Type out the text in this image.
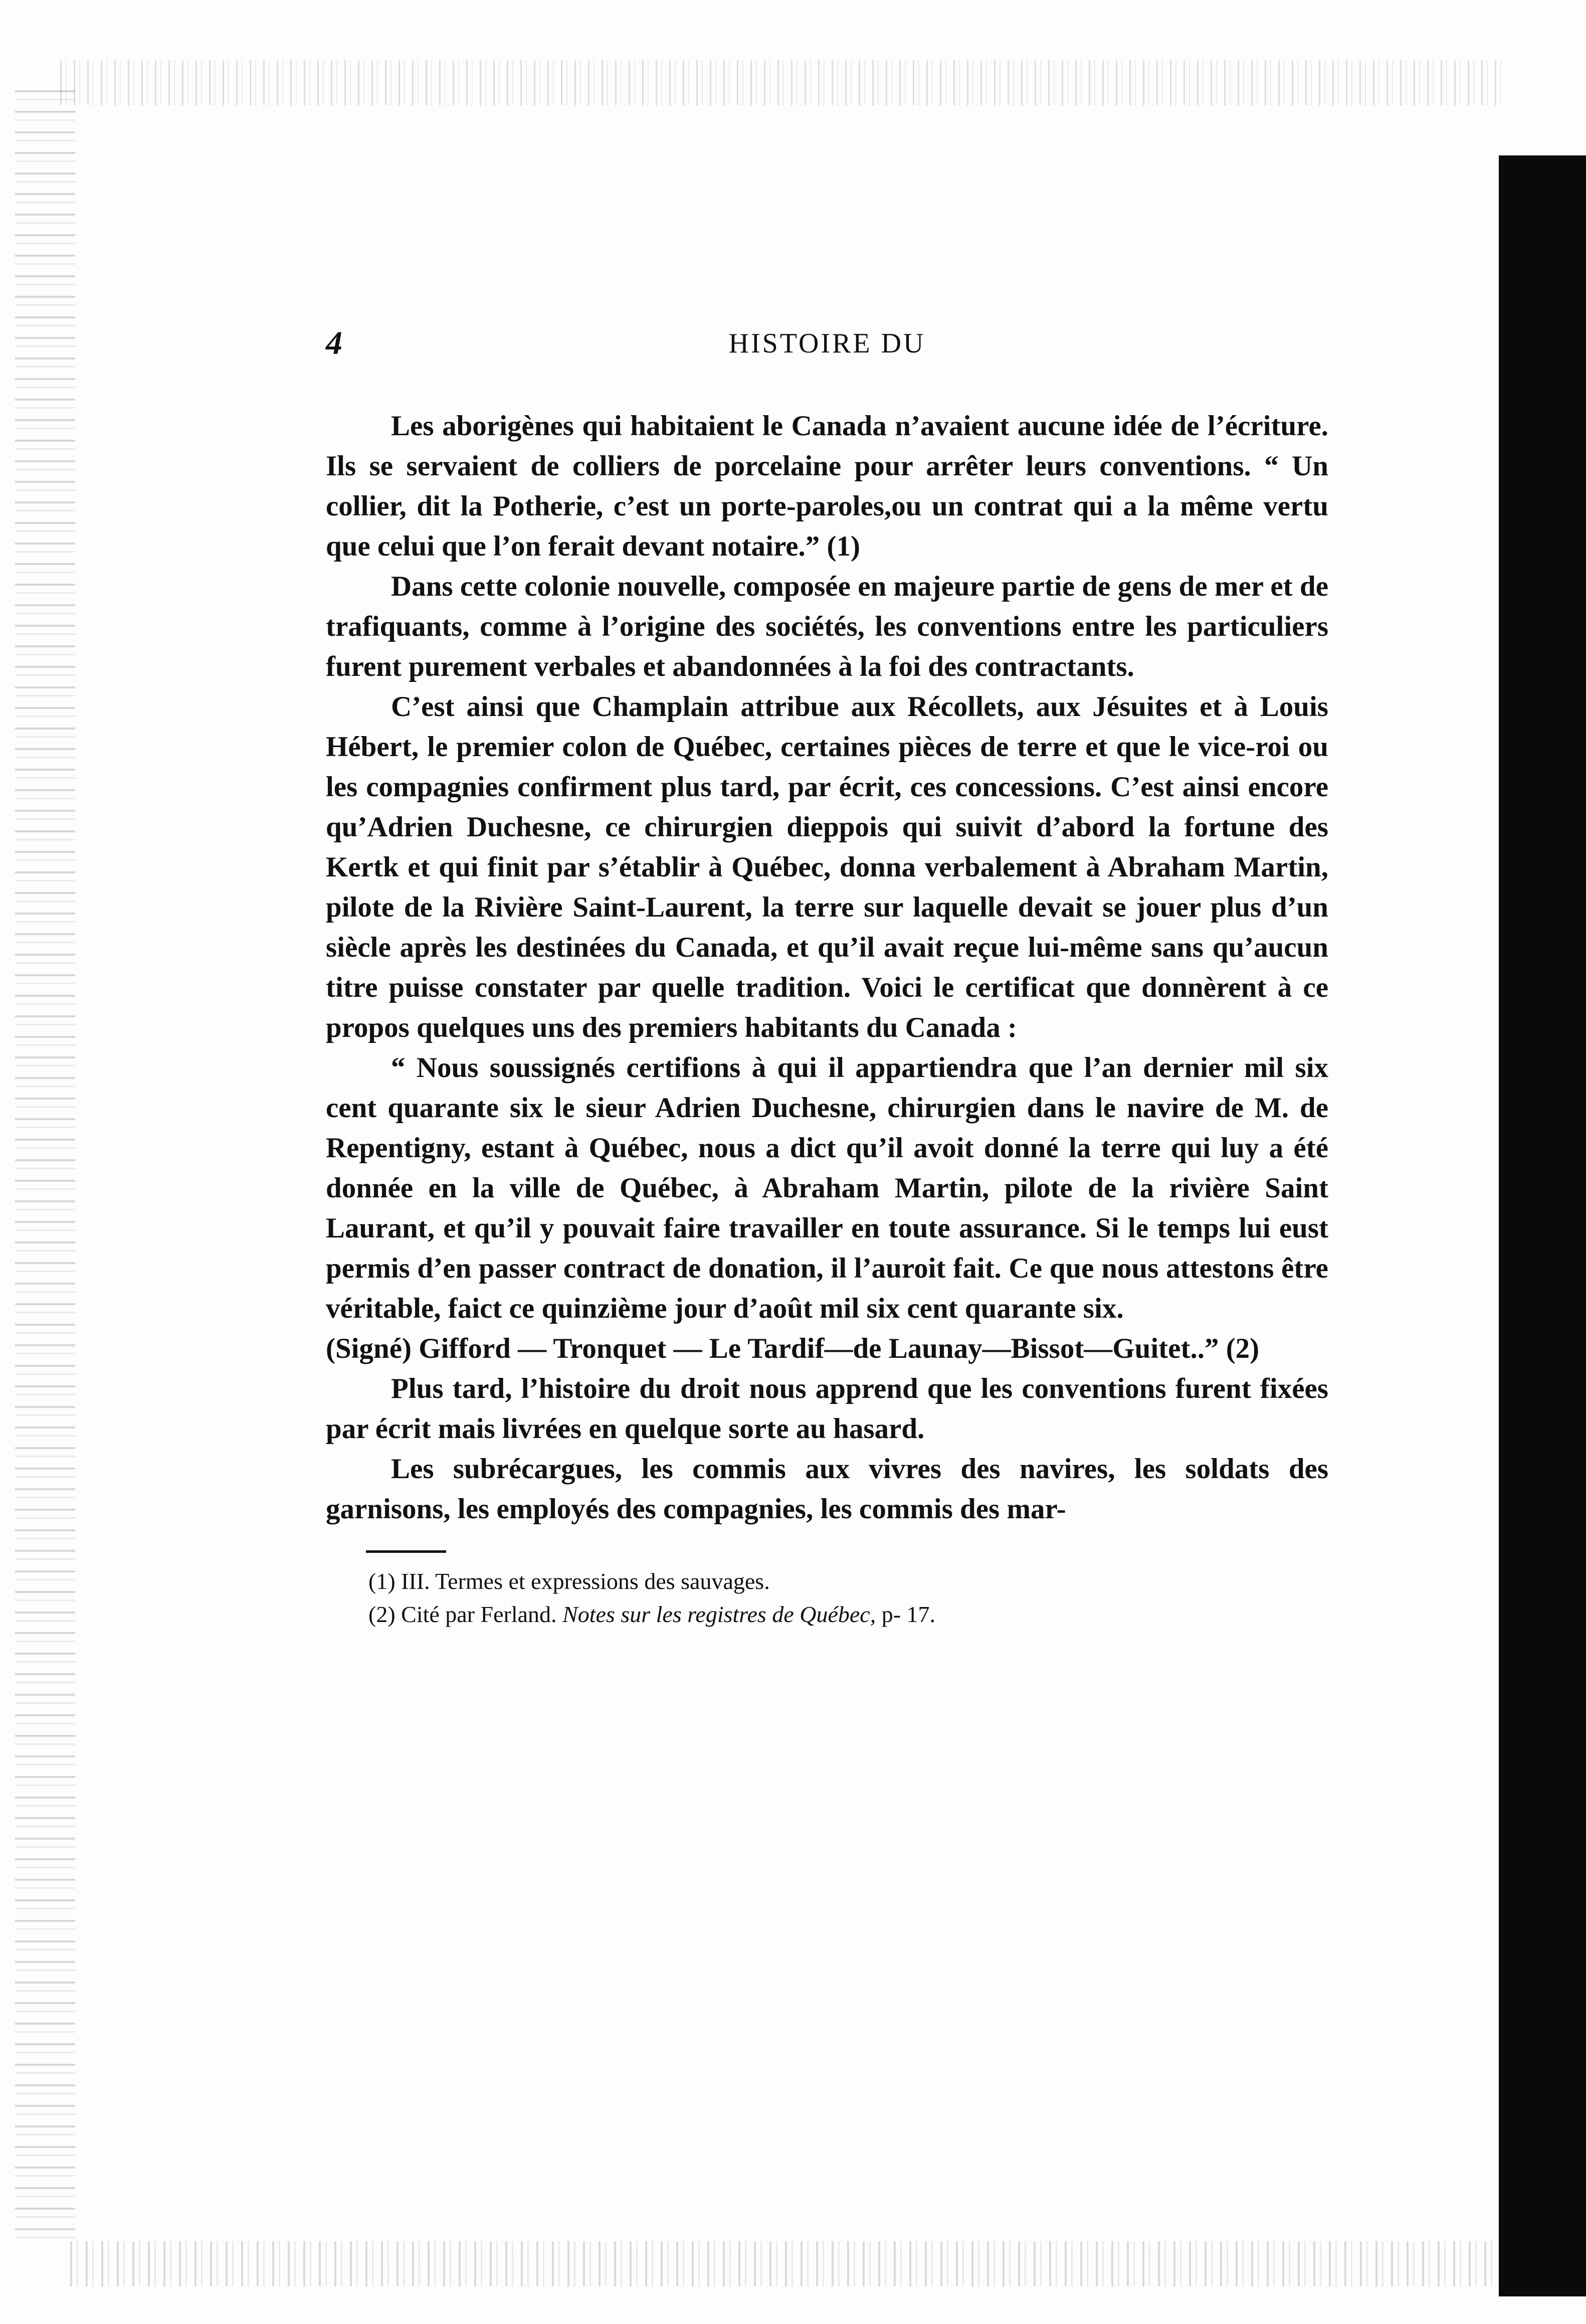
4	HISTOIRE DU

Les aborigènes qui habitaient le Canada n’avaient aucune idée de l’écriture. Ils se servaient de colliers de porcelaine pour arrêter leurs conventions. “ Un collier, dit la Potherie, c’est un porte-paroles,ou un contrat qui a la même vertu que celui que l’on ferait devant notaire.” (1)

Dans cette colonie nouvelle, composée en majeure partie de gens de mer et de trafiquants, comme à l’origine des sociétés, les conventions entre les particuliers furent purement verbales et abandonnées à la foi des contractants.

C’est ainsi que Champlain attribue aux Récollets, aux Jésuites et à Louis Hébert, le premier colon de Québec, certaines pièces de terre et que le vice-roi ou les compagnies confirment plus tard, par écrit, ces concessions. C’est ainsi encore qu’Adrien Duchesne, ce chirurgien dieppois qui suivit d’abord la fortune des Kertk et qui finit par s’établir à Québec, donna verbalement à Abraham Martin, pilote de la Rivière Saint-Laurent, la terre sur laquelle devait se jouer plus d’un siècle après les destinées du Canada, et qu’il avait reçue lui-même sans qu’aucun titre puisse constater par quelle tradition. Voici le certificat que donnèrent à ce propos quelques uns des premiers habitants du Canada :

“ Nous soussignés certifions à qui il appartiendra que l’an dernier mil six cent quarante six le sieur Adrien Duchesne, chirurgien dans le navire de M. de Repentigny, estant à Québec, nous a dict qu’il avoit donné la terre qui luy a été donnée en la ville de Québec, à Abraham Martin, pilote de la rivière Saint Laurant, et qu’il y pouvait faire travailler en toute assurance. Si le temps lui eust permis d’en passer contract de donation, il l’auroit fait. Ce que nous attestons être véritable, faict ce quinzième jour d’août mil six cent quarante six.

(Signé) Gifford — Tronquet — Le Tardif—de Launay—Bissot—Guitet..” (2)

Plus tard, l’histoire du droit nous apprend que les conventions furent fixées par écrit mais livrées en quelque sorte au hasard.

Les subrécargues, les commis aux vivres des navires, les soldats des garnisons, les employés des compagnies, les commis des mar-

(1) III. Termes et expressions des sauvages.

(2) Cité par Ferland. Notes sur les registres de Québec, p- 17.
